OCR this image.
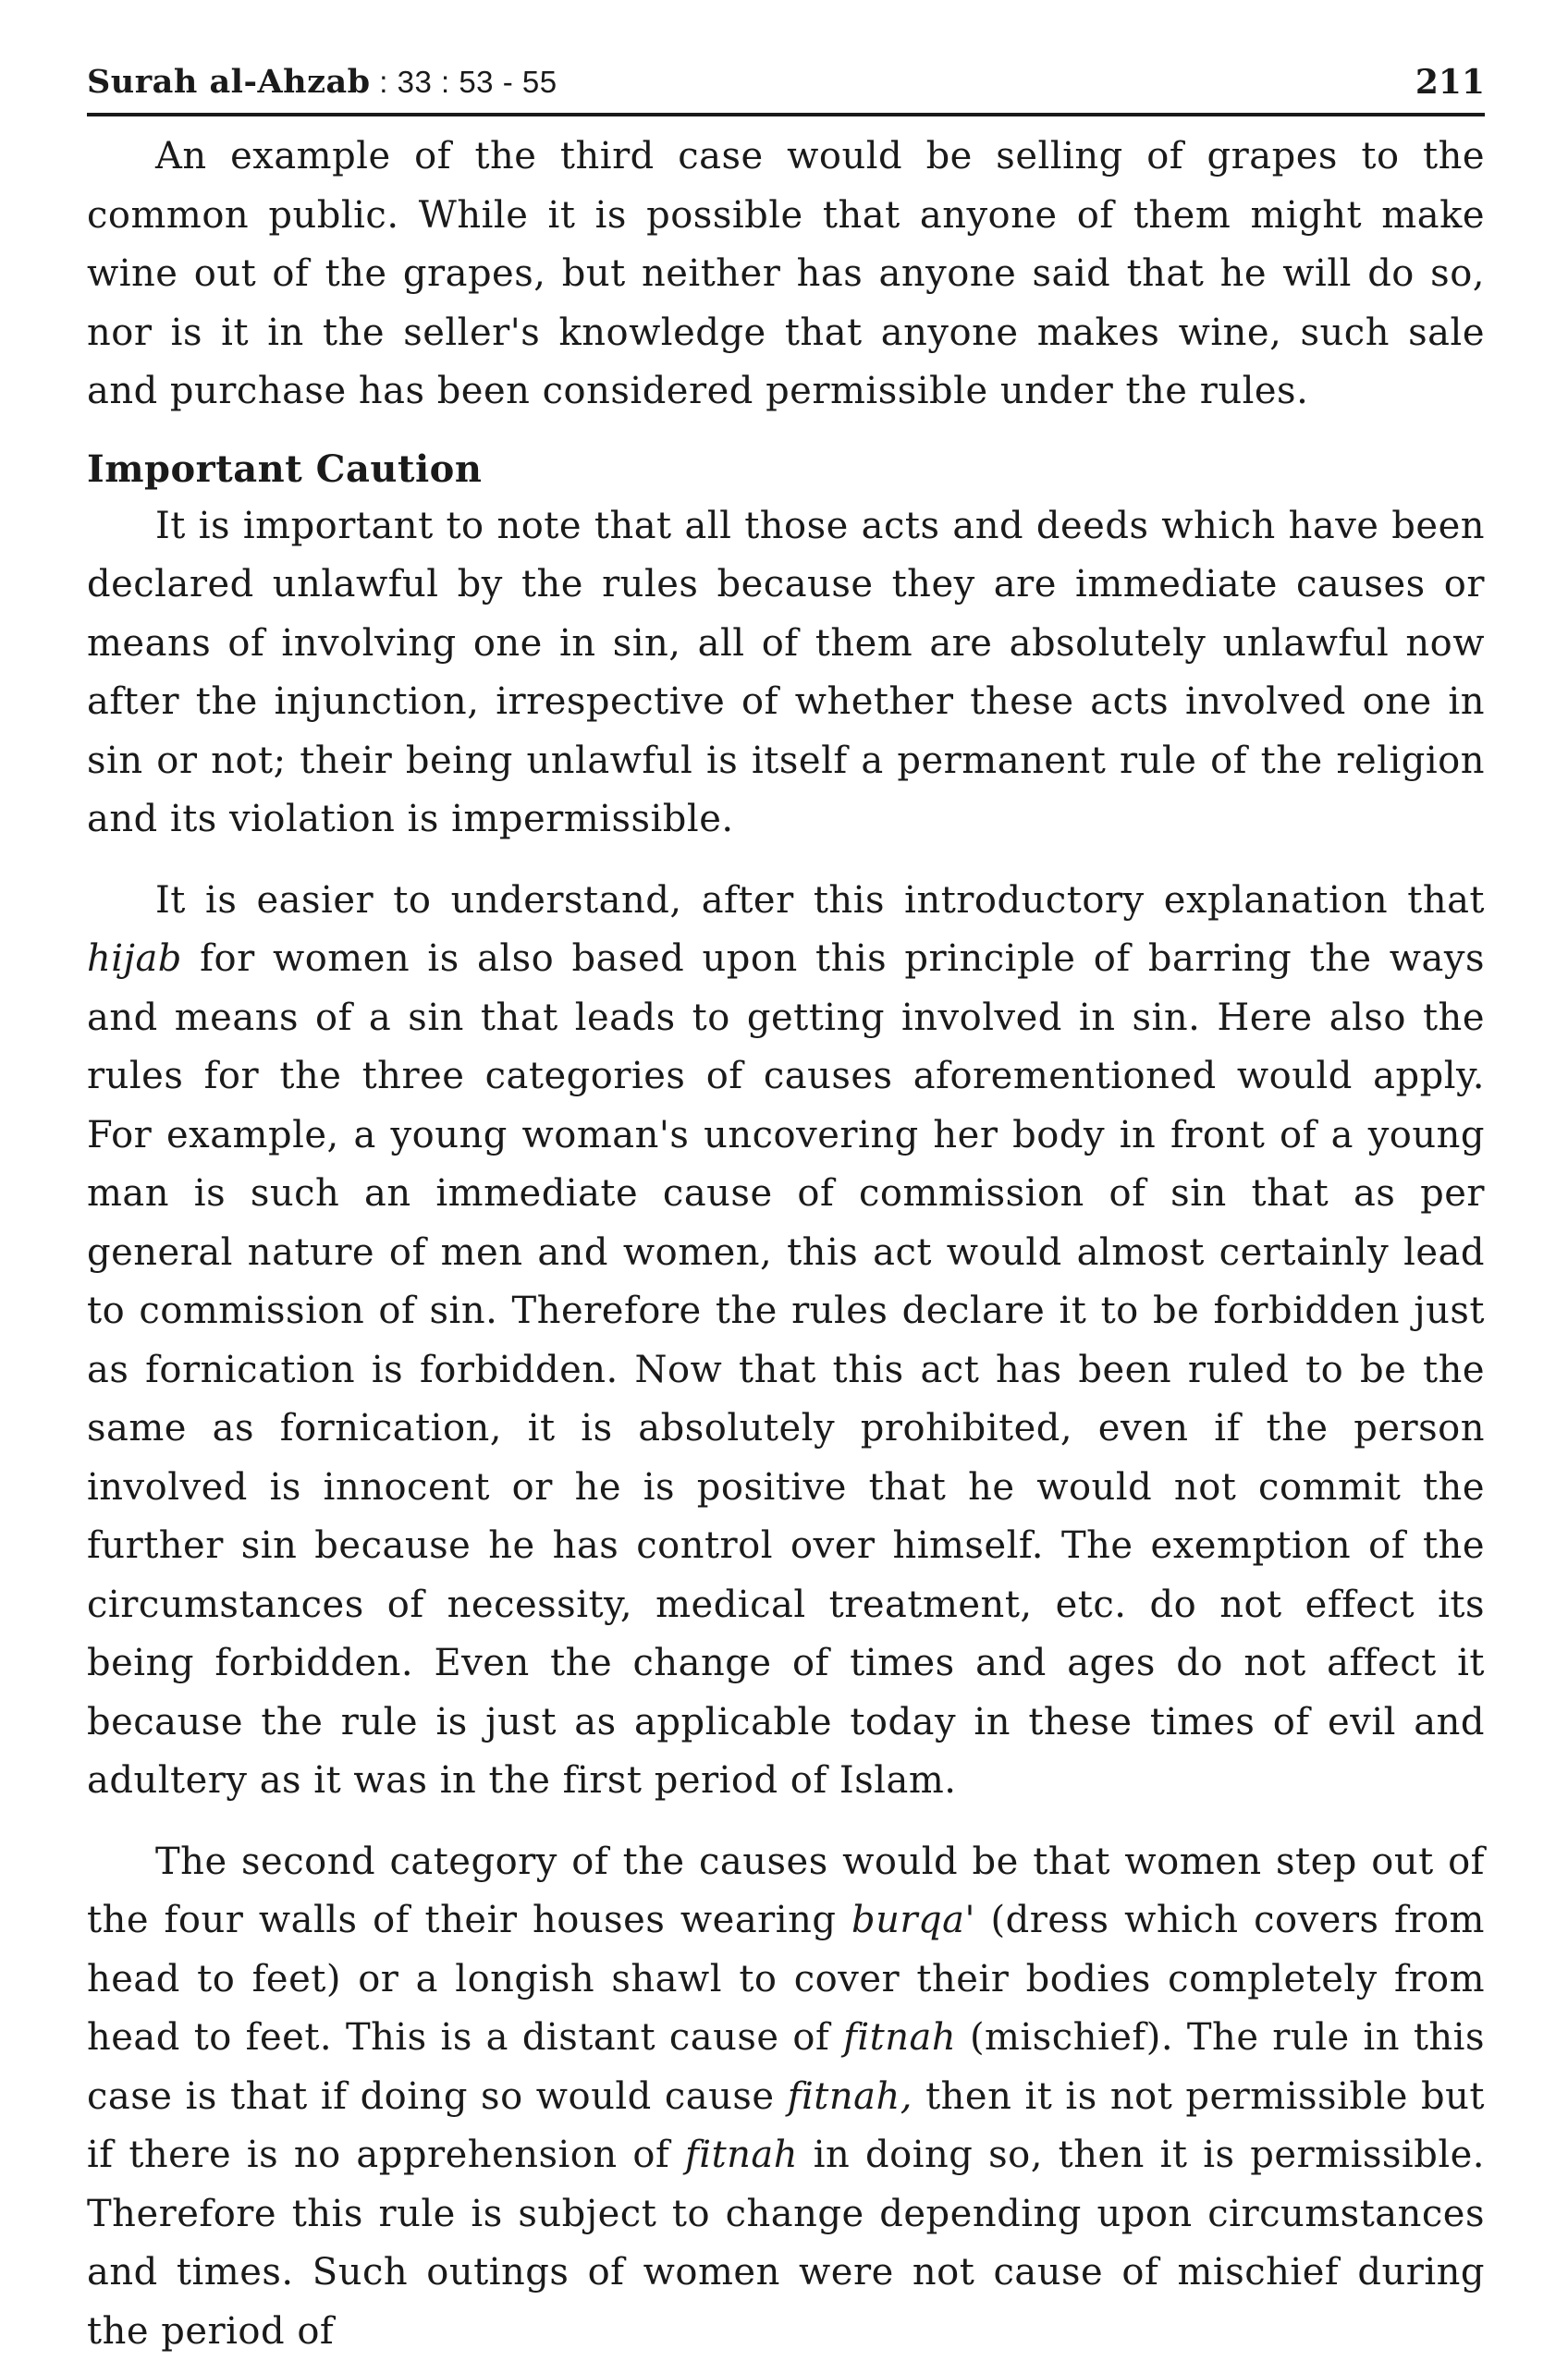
Surah al-Ahzab : 33 : 53 - 55	211

An example of the third case would be selling of grapes to the common public. While it is possible that anyone of them might make wine out of the grapes, but neither has anyone said that he will do so, nor is it in the seller's knowledge that anyone makes wine, such sale and purchase has been considered permissible under the rules.

Important Caution

It is important to note that all those acts and deeds which have been declared unlawful by the rules because they are immediate causes or means of involving one in sin, all of them are absolutely unlawful now after the injunction, irrespective of whether these acts involved one in sin or not; their being unlawful is itself a permanent rule of the religion and its violation is impermissible.

It is easier to understand, after this introductory explanation that hijab for women is also based upon this principle of barring the ways and means of a sin that leads to getting involved in sin. Here also the rules for the three categories of causes aforementioned would apply. For example, a young woman's uncovering her body in front of a young man is such an immediate cause of commission of sin that as per general nature of men and women, this act would almost certainly lead to commission of sin. Therefore the rules declare it to be forbidden just as fornication is forbidden. Now that this act has been ruled to be the same as fornication, it is absolutely prohibited, even if the person involved is innocent or he is positive that he would not commit the further sin because he has control over himself. The exemption of the circumstances of necessity, medical treatment, etc. do not effect its being forbidden. Even the change of times and ages do not affect it because the rule is just as applicable today in these times of evil and adultery as it was in the first period of Islam.

The second category of the causes would be that women step out of the four walls of their houses wearing burqa' (dress which covers from head to feet) or a longish shawl to cover their bodies completely from head to feet. This is a distant cause of fitnah (mischief). The rule in this case is that if doing so would cause fitnah, then it is not permissible but if there is no apprehension of fitnah in doing so, then it is permissible. Therefore this rule is subject to change depending upon circumstances and times. Such outings of women were not cause of mischief during the period of
